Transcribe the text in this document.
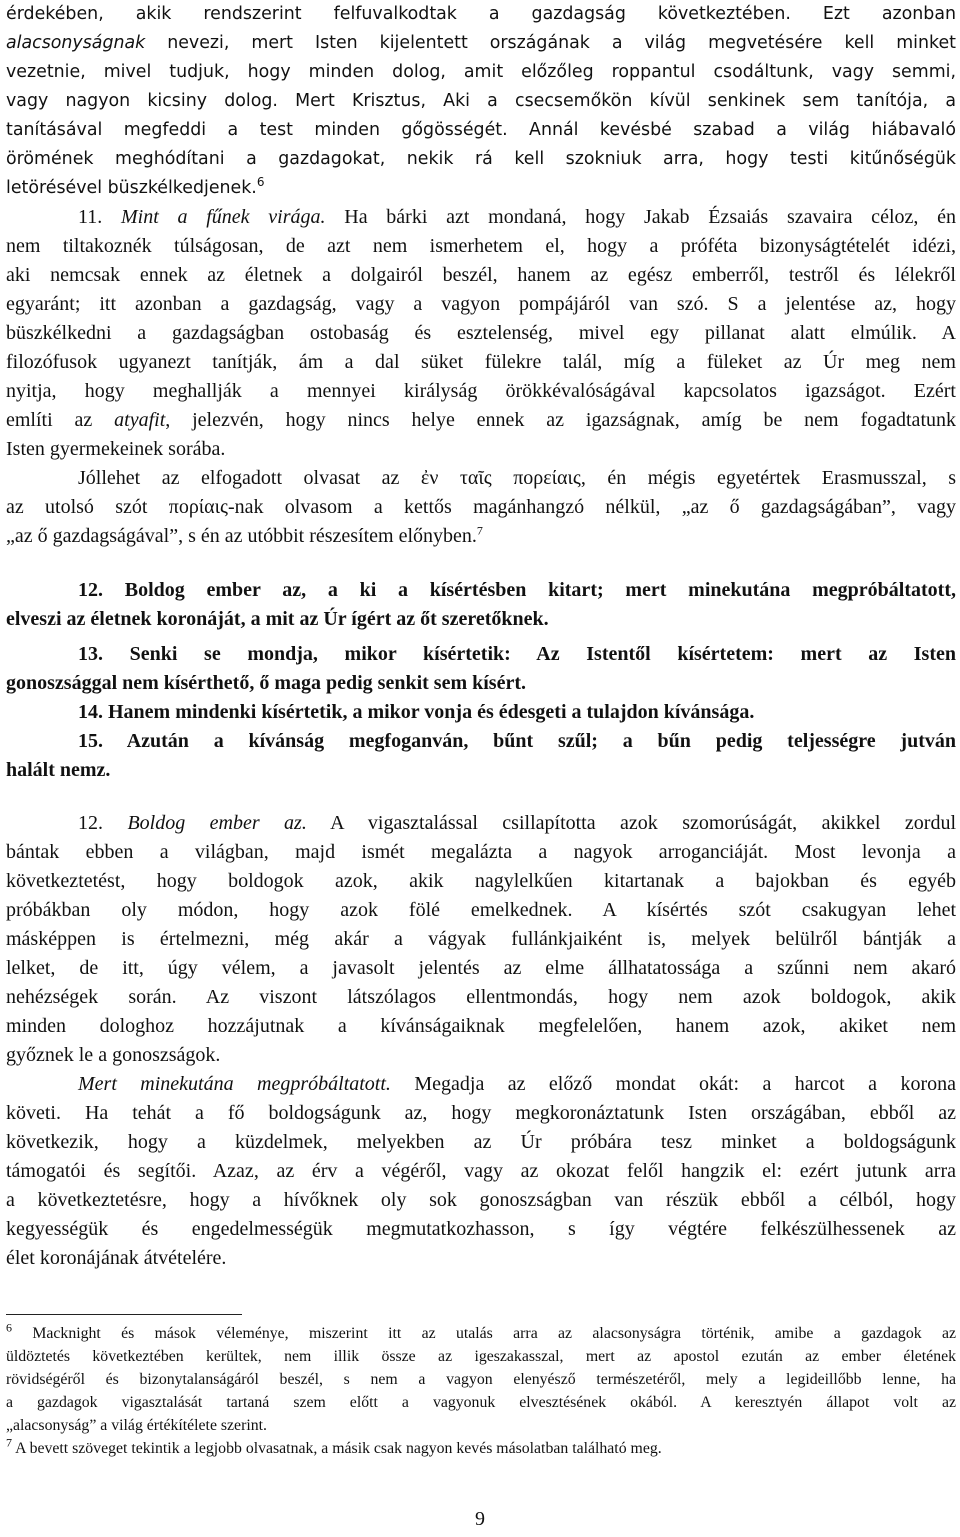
érdekében, akik rendszerint felfuvalkodtak a gazdagság következtében. Ezt azonban
alacsonyságnak nevezi, mert Isten kijelentett országának a világ megvetésére kell minket
vezetnie, mivel tudjuk, hogy minden dolog, amit előzőleg roppantul csodáltunk, vagy semmi,
vagy nagyon kicsiny dolog. Mert Krisztus, Aki a csecsemőkön kívül senkinek sem tanítója, a
tanításával megfeddi a test minden gőgösségét. Annál kevésbé szabad a világ hiábavaló
örömének meghódítani a gazdagokat, nekik rá kell szokniuk arra, hogy testi kitűnőségük
letörésével büszkélkedjenek.$^6$
11. Mint a fűnek virága. Ha bárki azt mondaná, hogy Jakab Ézsaiás szavaira céloz, én
nem tiltakoznék túlságosan, de azt nem ismerhetem el, hogy a próféta bizonyságtételét idézi,
aki nemcsak ennek az életnek a dolgairól beszél, hanem az egész emberről, testről és lélekről
egyaránt; itt azonban a gazdagság, vagy a vagyon pompájáról van szó. S a jelentése az, hogy
büszkélkedni a gazdagságban ostobaság és esztelenség, mivel egy pillanat alatt elmúlik. A
filozófusok ugyanezt tanítják, ám a dal süket fülekre talál, míg a füleket az Úr meg nem
nyitja, hogy meghallják a mennyei királyság örökkévalóságával kapcsolatos igazságot. Ezért
említi az atyafit, jelezvén, hogy nincs helye ennek az igazságnak, amíg be nem fogadtatunk
Isten gyermekeinek sorába.
Jóllehet az elfogadott olvasat az ἐν ταῖς πορείαις, én mégis egyetértek Erasmusszal, s
az utolsó szót πορίαις-nak olvasom a kettős magánhangzó nélkül, „az ő gazdagságában”, vagy
„az ő gazdagságával”, s én az utóbbit részesítem előnyben.$^7$
12. Boldog ember az, a ki a kísértésben kitart; mert minekutána megpróbáltatott,
elveszi az életnek koronáját, a mit az Úr ígért az őt szeretőknek.
13. Senki se mondja, mikor kísértetik: Az Istentől kísértetem: mert az Isten
gonoszsággal nem kísérthető, ő maga pedig senkit sem kísért.
14. Hanem mindenki kísértetik, a mikor vonja és édesgeti a tulajdon kívánsága.
15. Azután a kívánság megfoganván, bűnt szűl; a bűn pedig teljességre jutván
halált nemz.
12. Boldog ember az. A vigasztalással csillapította azok szomorúságát, akikkel zordul
bántak ebben a világban, majd ismét megalázta a nagyok arroganciáját. Most levonja a
következtetést, hogy boldogok azok, akik nagylelkűen kitartanak a bajokban és egyéb
próbákban oly módon, hogy azok fölé emelkednek. A kísértés szót csakugyan lehet
másképpen is értelmezni, még akár a vágyak fullánkjaiként is, melyek belülről bántják a
lelket, de itt, úgy vélem, a javasolt jelentés az elme állhatatossága a szűnni nem akaró
nehézségek során. Az viszont látszólagos ellentmondás, hogy nem azok boldogok, akik
minden dologhoz hozzájutnak a kívánságaiknak megfelelően, hanem azok, akiket nem
győznek le a gonoszságok.
Mert minekutána megpróbáltatott. Megadja az előző mondat okát: a harcot a korona
követi. Ha tehát a fő boldogságunk az, hogy megkoronáztatunk Isten országában, ebből az
következik, hogy a küzdelmek, melyekben az Úr próbára tesz minket a boldogságunk
támogatói és segítői. Azaz, az érv a végéről, vagy az okozat felől hangzik el: ezért jutunk arra
a következtetésre, hogy a hívőknek oly sok gonoszságban van részük ebből a célból, hogy
kegyességük és engedelmességük megmutatkozhasson, s így végtére felkészülhessenek az
élet koronájának átvételére.
$^6$ Macknight és mások véleménye, miszerint itt az utalás arra az alacsonyságra történik, amibe a gazdagok az
üldöztetés következtében kerültek, nem illik össze az igeszakasszal, mert az apostol ezután az ember életének
rövidségéről és bizonytalanságáról beszél, s nem a vagyon elenyésző természetéről, mely a legideillőbb lenne, ha
a gazdagok vigasztalását tartaná szem előtt a vagyonuk elvesztésének okából. A keresztyén állapot volt az
„alacsonyság” a világ értékítélete szerint.
$^7$ A bevett szöveget tekintik a legjobb olvasatnak, a másik csak nagyon kevés másolatban található meg.
9
